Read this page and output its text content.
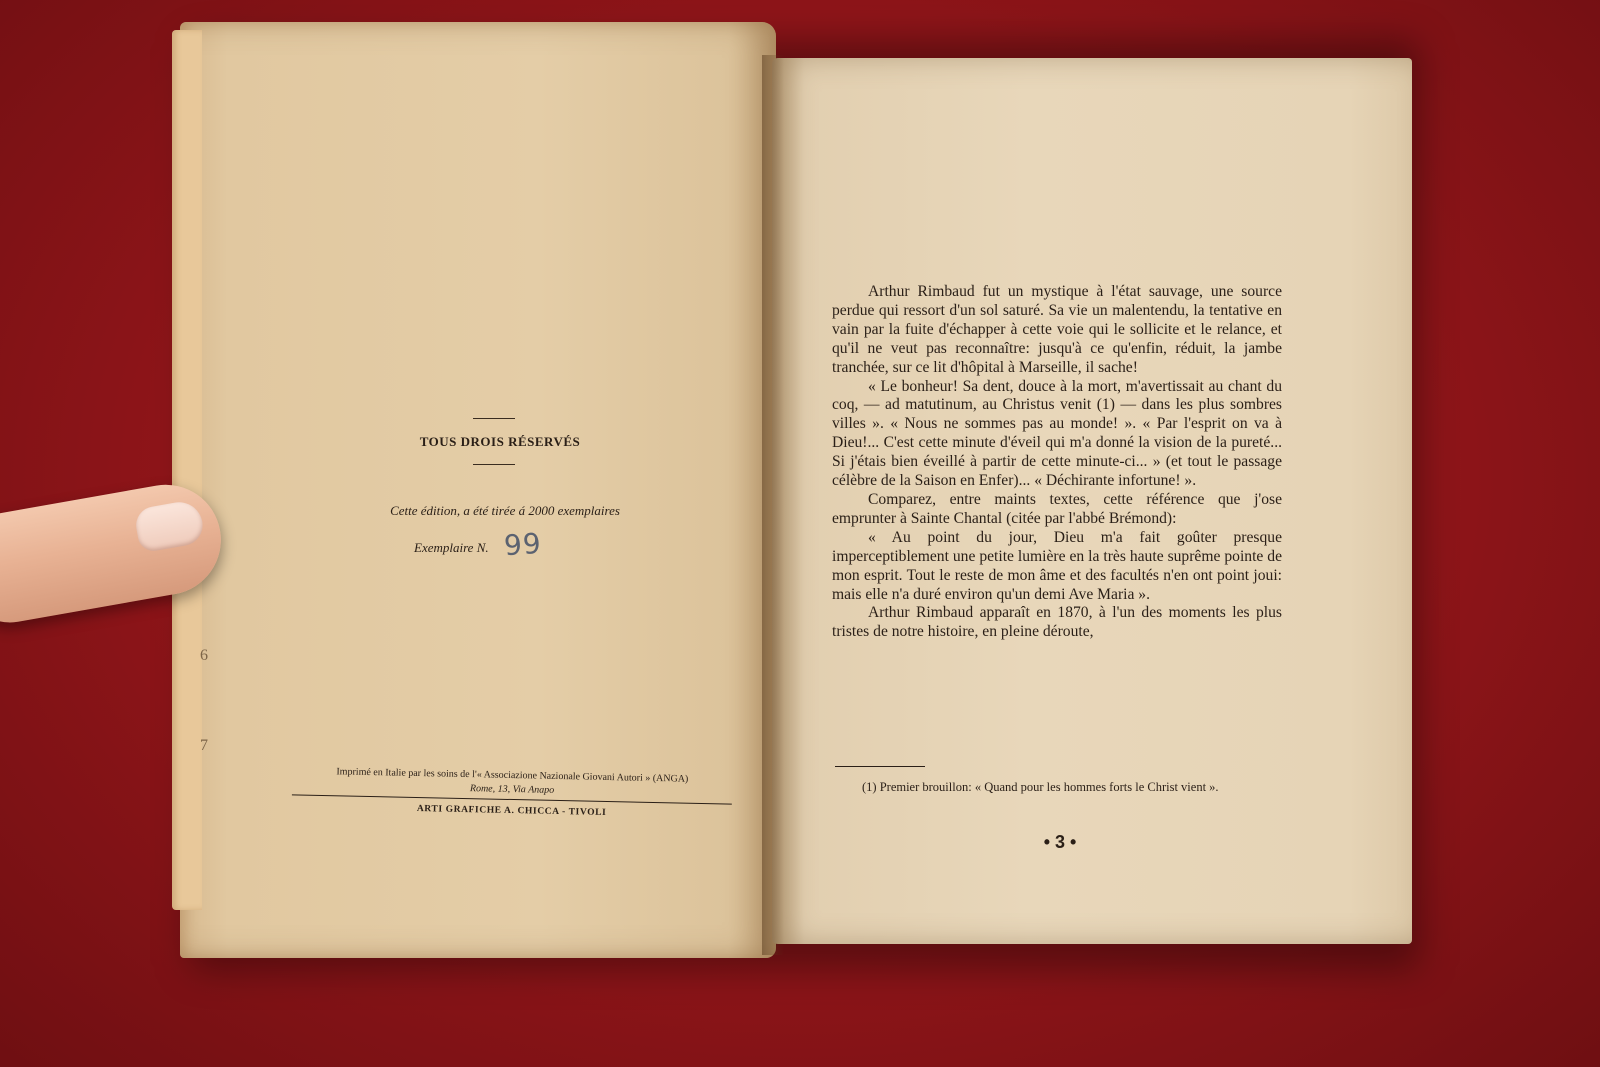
6
7
TOUS DROIS RÉSERVÉS
Cette édition, a été tirée á 2000 exemplaires
Exemplaire N. 99
Imprimé en Italie par les soins de l'« Associazione Nazionale Giovani Autori » (ANGA)
Rome, 13, Via Anapo
ARTI GRAFICHE A. CHICCA - TIVOLI

Arthur Rimbaud fut un mystique à l'état sauvage, une source perdue qui ressort d'un sol saturé. Sa vie un malentendu, la tentative en vain par la fuite d'échapper à cette voie qui le sollicite et le relance, et qu'il ne veut pas reconnaître: jusqu'à ce qu'enfin, réduit, la jambe tranchée, sur ce lit d'hôpital à Marseille, il sache!

« Le bonheur! Sa dent, douce à la mort, m'avertissait au chant du coq, — ad matutinum, au Christus venit (1) — dans les plus sombres villes ». « Nous ne sommes pas au monde! ». « Par l'esprit on va à Dieu!... C'est cette minute d'éveil qui m'a donné la vision de la pureté... Si j'étais bien éveillé à partir de cette minute-ci... » (et tout le passage célèbre de la Saison en Enfer)... « Déchirante infortune! ».

Comparez, entre maints textes, cette référence que j'ose emprunter à Sainte Chantal (citée par l'abbé Brémond):

« Au point du jour, Dieu m'a fait goûter presque imperceptiblement une petite lumière en la très haute suprême pointe de mon esprit. Tout le reste de mon âme et des facultés n'en ont point joui: mais elle n'a duré environ qu'un demi Ave Maria ».

Arthur Rimbaud apparaît en 1870, à l'un des moments les plus tristes de notre histoire, en pleine déroute,

(1) Premier brouillon: « Quand pour les hommes forts le Christ vient ».

• 3 •
